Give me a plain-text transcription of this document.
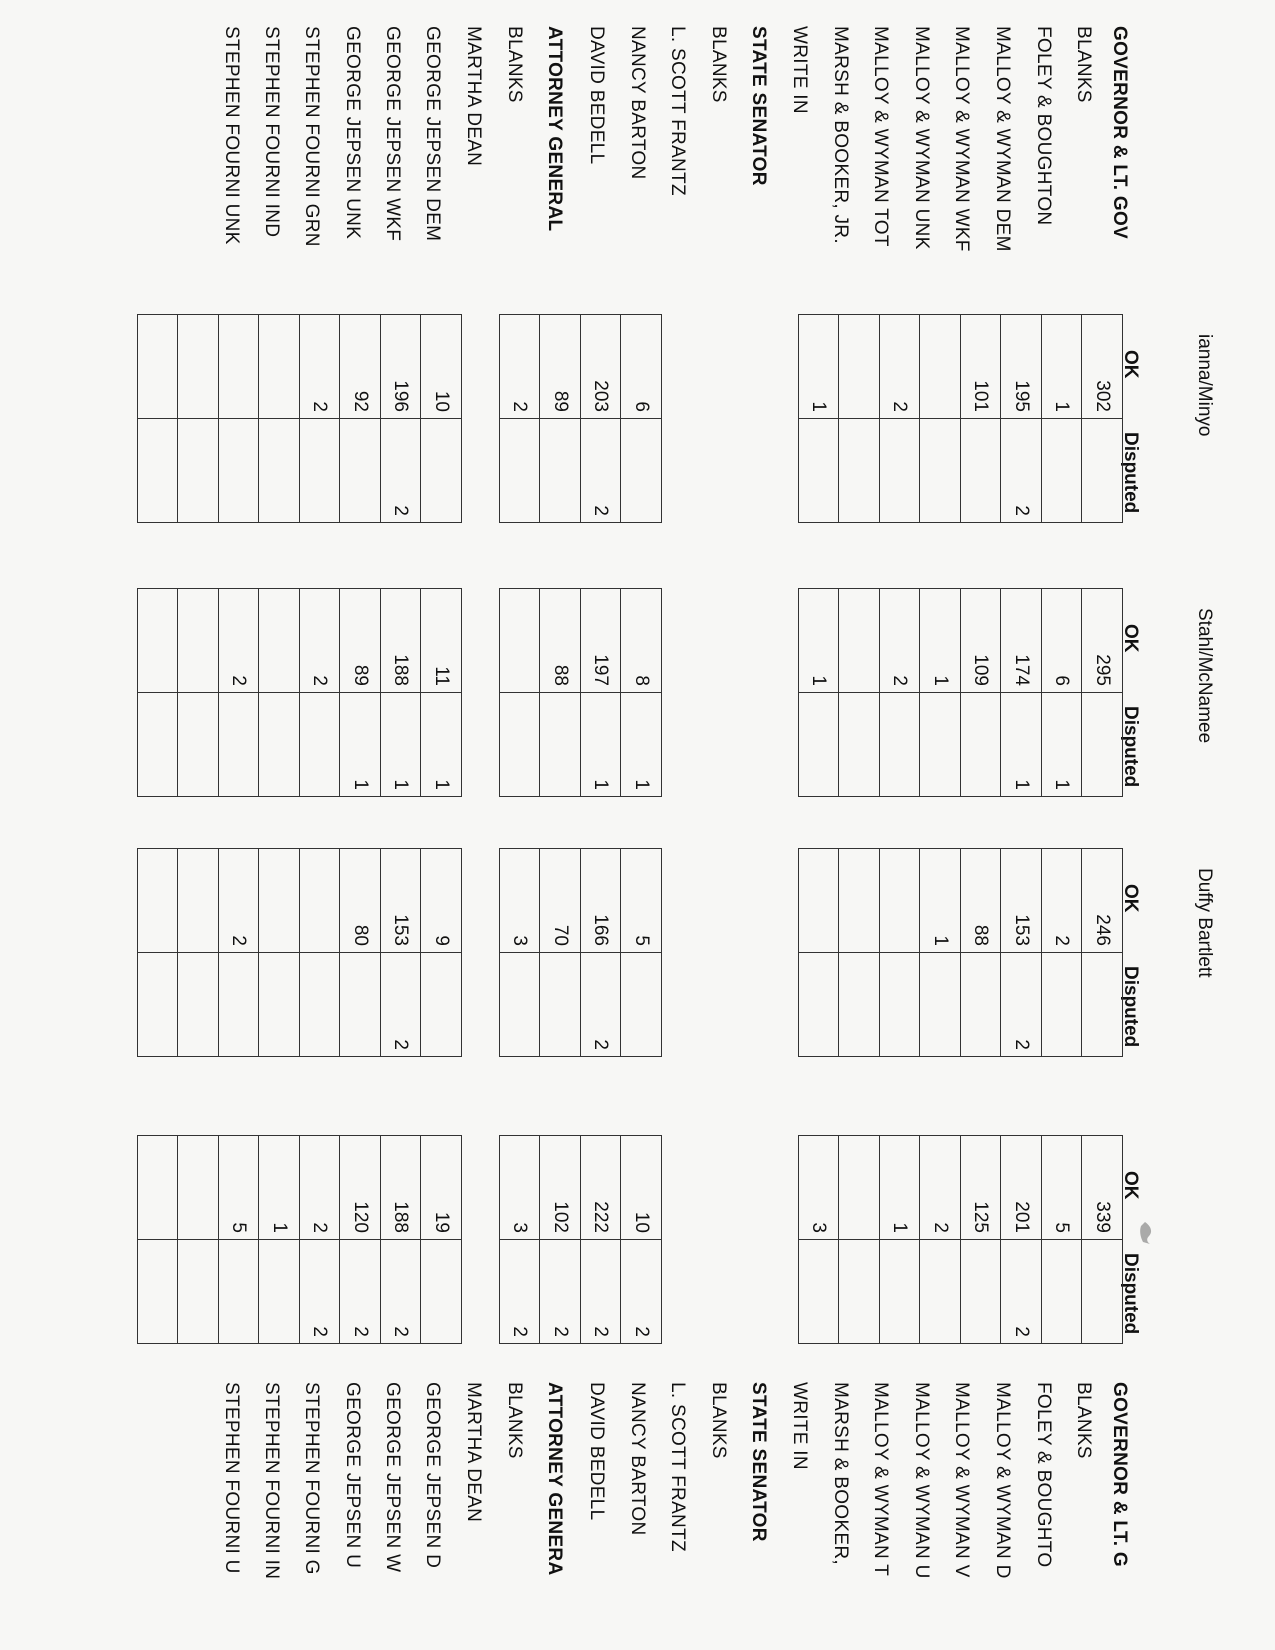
GOVERNOR & LT. GOV
BLANKS
FOLEY & BOUGHTON
MALLOY & WYMAN DEM
MALLOY & WYMAN WKF
MALLOY & WYMAN UNK
MALLOY & WYMAN TOT
MARSH & BOOKER, JR.
WRITE IN
STATE SENATOR
BLANKS
L. SCOTT FRANTZ
NANCY BARTON
DAVID BEDELL
ATTORNEY GENERAL
BLANKS
MARTHA DEAN
GEORGE JEPSEN DEM
GEORGE JEPSEN WKF
GEORGE JEPSEN UNK
STEPHEN FOURNI GRN
STEPHEN FOURNI IND
STEPHEN FOURNI UNK
GOVERNOR & LT. G
BLANKS
FOLEY & BOUGHTO
MALLOY & WYMAN D
MALLOY & WYMAN V
MALLOY & WYMAN U
MALLOY & WYMAN T
MARSH & BOOKER,
WRITE IN
STATE SENATOR
BLANKS
L. SCOTT FRANTZ
NANCY BARTON
DAVID BEDELL
ATTORNEY GENERA
BLANKS
MARTHA DEAN
GEORGE JEPSEN D
GEORGE JEPSEN W
GEORGE JEPSEN U
STEPHEN FOURNI G
STEPHEN FOURNI IN
STEPHEN FOURNI U
ianna/Minyo
OK
Disputed
302
1
195
2
101
2
1
6
203
2
89
2
10
196
2
92
2
Stahl/McNamee
OK
Disputed
295
6
1
174
1
109
1
2
1
8
1
197
1
88
11
1
188
1
89
1
2
2
Duffy Bartlett
OK
Disputed
246
2
153
2
88
1
5
166
2
70
3
9
153
2
80
2
OK
Disputed
339
5
201
2
125
2
1
3
10
2
222
2
102
2
3
2
19
188
2
120
2
2
2
1
5
